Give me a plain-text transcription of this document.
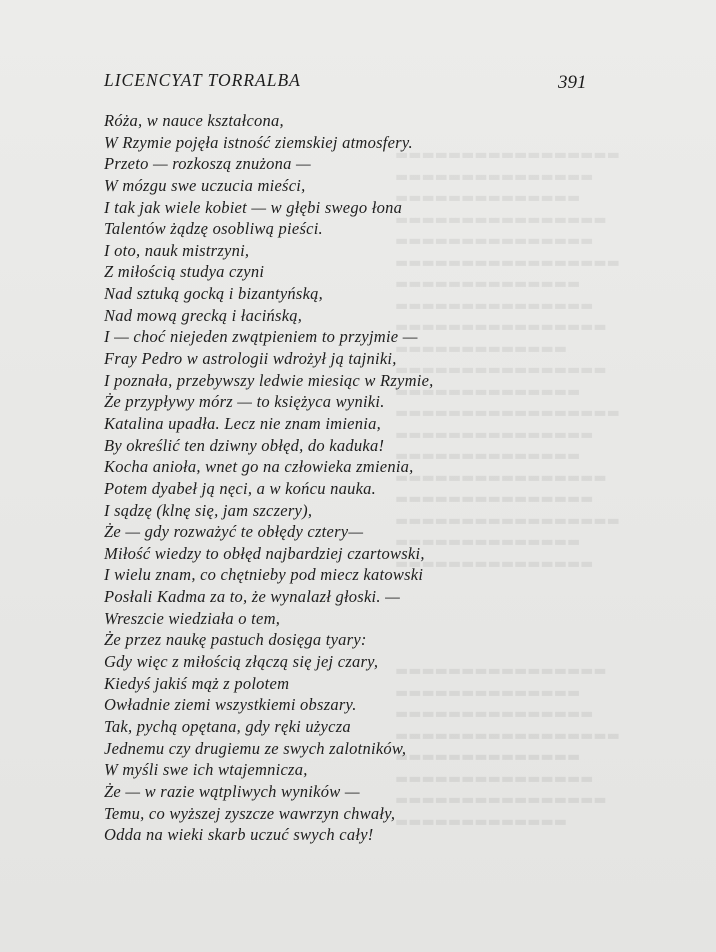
▬▬▬▬▬▬▬▬▬▬▬▬▬▬▬▬▬
▬▬▬▬▬▬▬▬▬▬▬▬▬▬▬
▬▬▬▬▬▬▬▬▬▬▬▬▬▬
▬▬▬▬▬▬▬▬▬▬▬▬▬▬▬▬
▬▬▬▬▬▬▬▬▬▬▬▬▬▬▬
▬▬▬▬▬▬▬▬▬▬▬▬▬▬▬▬▬
▬▬▬▬▬▬▬▬▬▬▬▬▬▬
▬▬▬▬▬▬▬▬▬▬▬▬▬▬▬
▬▬▬▬▬▬▬▬▬▬▬▬▬▬▬▬
▬▬▬▬▬▬▬▬▬▬▬▬▬
▬▬▬▬▬▬▬▬▬▬▬▬▬▬▬▬
▬▬▬▬▬▬▬▬▬▬▬▬▬▬
▬▬▬▬▬▬▬▬▬▬▬▬▬▬▬▬▬
▬▬▬▬▬▬▬▬▬▬▬▬▬▬▬
▬▬▬▬▬▬▬▬▬▬▬▬▬▬
▬▬▬▬▬▬▬▬▬▬▬▬▬▬▬▬
▬▬▬▬▬▬▬▬▬▬▬▬▬▬▬
▬▬▬▬▬▬▬▬▬▬▬▬▬▬▬▬▬
▬▬▬▬▬▬▬▬▬▬▬▬▬▬
▬▬▬▬▬▬▬▬▬▬▬▬▬▬▬

▬▬▬▬▬▬▬▬▬▬▬▬▬▬▬▬
▬▬▬▬▬▬▬▬▬▬▬▬▬▬
▬▬▬▬▬▬▬▬▬▬▬▬▬▬▬
▬▬▬▬▬▬▬▬▬▬▬▬▬▬▬▬▬
▬▬▬▬▬▬▬▬▬▬▬▬▬▬
▬▬▬▬▬▬▬▬▬▬▬▬▬▬▬
▬▬▬▬▬▬▬▬▬▬▬▬▬▬▬▬
▬▬▬▬▬▬▬▬▬▬▬▬▬
LICENCYAT TORRALBA	391
Róża, w nauce kształcona,
W Rzymie pojęła istność ziemskiej atmosfery.
Przeto — rozkoszą znużona —
W mózgu swe uczucia mieści,
I tak jak wiele kobiet — w głębi swego łona
Talentów żądzę osobliwą pieści.
I oto, nauk mistrzyni,
Z miłością studya czyni
Nad sztuką gocką i bizantyńską,
Nad mową grecką i łacińską,
I — choć niejeden zwątpieniem to przyjmie —
Fray Pedro w astrologii wdrożył ją tajniki,
I poznała, przebywszy ledwie miesiąc w Rzymie,
Że przypływy mórz — to księżyca wyniki.
Katalina upadła. Lecz nie znam imienia,
By określić ten dziwny obłęd, do kaduka!
Kocha anioła, wnet go na człowieka zmienia,
Potem dyabeł ją nęci, a w końcu nauka.
I sądzę (klnę się, jam szczery),
Że — gdy rozważyć te obłędy cztery—
Miłość wiedzy to obłęd najbardziej czartowski,
I wielu znam, co chętnieby pod miecz katowski
Posłali Kadma za to, że wynalazł głoski. —
Wreszcie wiedziała o tem,
Że przez naukę pastuch dosięga tyary:
Gdy więc z miłością złączą się jej czary,
Kiedyś jakiś mąż z polotem
Owładnie ziemi wszystkiemi obszary.
Tak, pychą opętana, gdy ręki użycza
Jednemu czy drugiemu ze swych zalotników,
W myśli swe ich wtajemnicza,
Że — w razie wątpliwych wyników —
Temu, co wyższej zyszcze wawrzyn chwały,
Odda na wieki skarb uczuć swych cały!
